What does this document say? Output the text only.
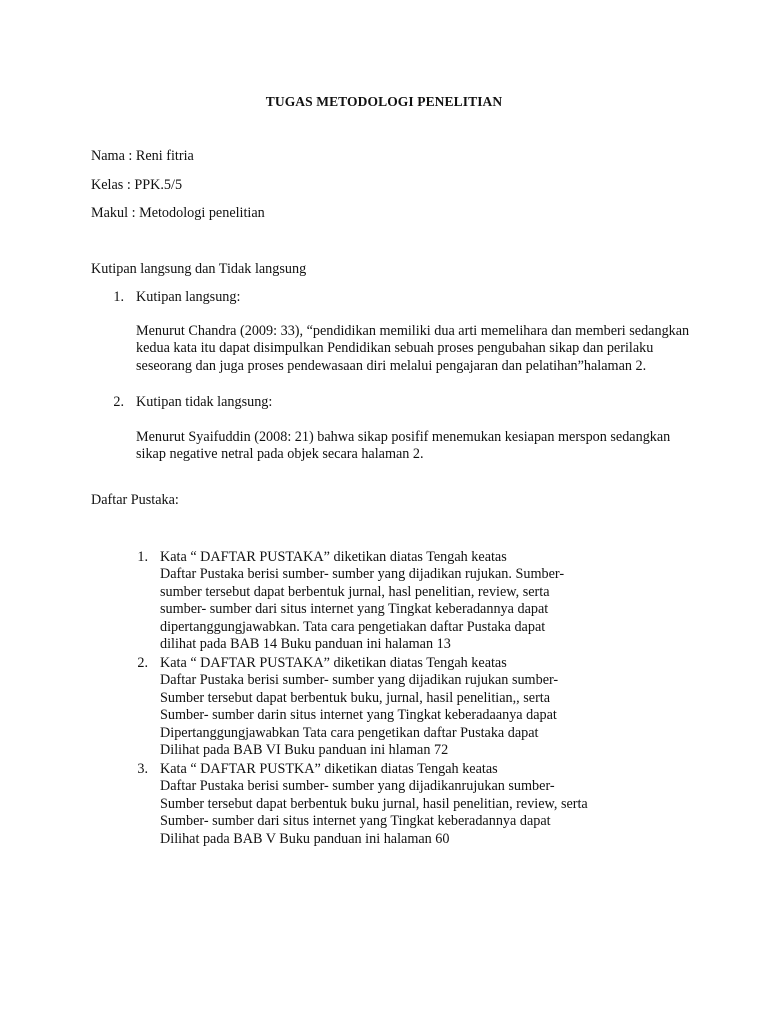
TUGAS METODOLOGI PENELITIAN
Nama : Reni fitria
Kelas : PPK.5/5
Makul : Metodologi penelitian
Kutipan langsung dan Tidak langsung
1. Kutipan langsung:
Menurut Chandra (2009: 33), “pendidikan memiliki dua arti memelihara dan memberi sedangkan
kedua kata itu dapat disimpulkan Pendidikan sebuah proses pengubahan sikap dan perilaku
seseorang dan juga proses pendewasaan diri melalui pengajaran dan pelatihan”halaman 2.
2. Kutipan tidak langsung:
Menurut Syaifuddin (2008: 21) bahwa sikap posifif menemukan kesiapan merspon sedangkan
sikap negative netral pada objek secara halaman 2.
Daftar Pustaka:
1. Kata “ DAFTAR PUSTAKA” diketikan diatas Tengah keatas
Daftar Pustaka berisi sumber- sumber yang dijadikan rujukan. Sumber-
sumber tersebut dapat berbentuk jurnal, hasl penelitian, review, serta
sumber- sumber dari situs internet yang Tingkat keberadannya dapat
dipertanggungjawabkan. Tata cara pengetiakan daftar Pustaka dapat
dilihat pada BAB 14 Buku panduan ini halaman 13
2. Kata “ DAFTAR PUSTAKA” diketikan diatas Tengah keatas
Daftar Pustaka berisi sumber- sumber yang dijadikan rujukan sumber-
Sumber tersebut dapat berbentuk buku, jurnal, hasil penelitian,, serta
Sumber- sumber darin situs internet yang Tingkat keberadaanya dapat
Dipertanggungjawabkan Tata cara pengetikan daftar Pustaka dapat
Dilihat pada BAB VI Buku panduan ini hlaman 72
3. Kata “ DAFTAR PUSTKA” diketikan diatas Tengah keatas
Daftar Pustaka berisi sumber- sumber yang dijadikanrujukan sumber-
Sumber tersebut dapat berbentuk buku jurnal, hasil penelitian, review, serta
Sumber- sumber dari situs internet yang Tingkat keberadannya dapat
Dilihat pada BAB V Buku panduan ini halaman 60
